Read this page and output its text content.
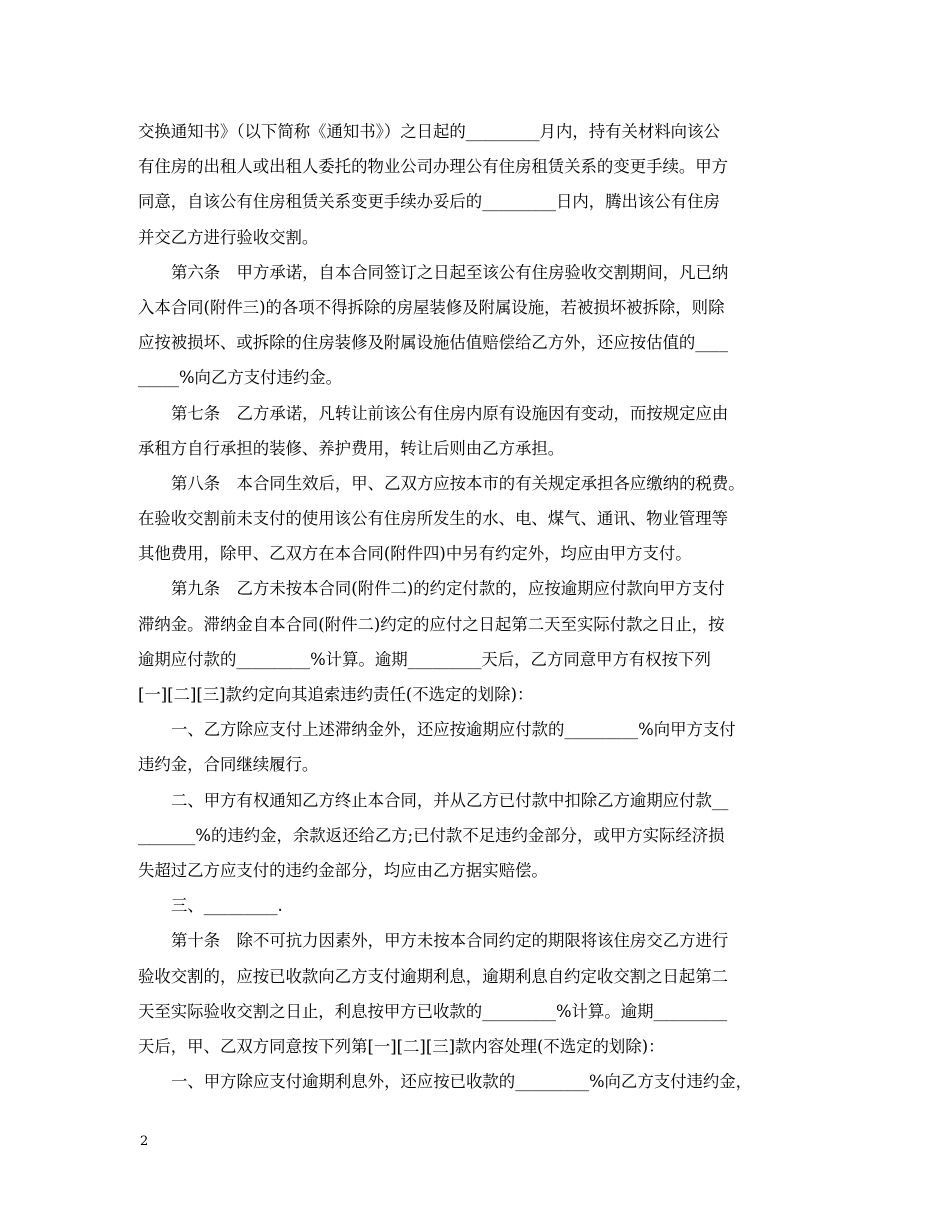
交换通知书》（以下简称《通知书》）之日起的_________月内，持有关材料向该公
有住房的出租人或出租人委托的物业公司办理公有住房租赁关系的变更手续。甲方
同意，自该公有住房租赁关系变更手续办妥后的_________日内，腾出该公有住房
并交乙方进行验收交割。
第六条　甲方承诺，自本合同签订之日起至该公有住房验收交割期间，凡已纳
入本合同(附件三)的各项不得拆除的房屋装修及附属设施，若被损坏被拆除，则除
应按被损坏、或拆除的住房装修及附属设施估值赔偿给乙方外，还应按估值的____
_____%向乙方支付违约金。
第七条　乙方承诺，凡转让前该公有住房内原有设施因有变动，而按规定应由
承租方自行承担的装修、养护费用，转让后则由乙方承担。
第八条　本合同生效后，甲、乙双方应按本市的有关规定承担各应缴纳的税费。
在验收交割前未支付的使用该公有住房所发生的水、电、煤气、通讯、物业管理等
其他费用，除甲、乙双方在本合同(附件四)中另有约定外，均应由甲方支付。
第九条　乙方未按本合同(附件二)的约定付款的，应按逾期应付款向甲方支付
滞纳金。滞纳金自本合同(附件二)约定的应付之日起第二天至实际付款之日止，按
逾期应付款的_________%计算。逾期_________天后，乙方同意甲方有权按下列
[一][二][三]款约定向其追索违约责任(不选定的划除)：
一、乙方除应支付上述滞纳金外，还应按逾期应付款的_________%向甲方支付
违约金，合同继续履行。
二、甲方有权通知乙方终止本合同，并从乙方已付款中扣除乙方逾期应付款__
_______%的违约金，余款返还给乙方;已付款不足违约金部分，或甲方实际经济损
失超过乙方应支付的违约金部分，均应由乙方据实赔偿。
三、_________.
第十条　除不可抗力因素外，甲方未按本合同约定的期限将该住房交乙方进行
验收交割的，应按已收款向乙方支付逾期利息，逾期利息自约定收交割之日起第二
天至实际验收交割之日止，利息按甲方已收款的_________%计算。逾期_________
天后，甲、乙双方同意按下列第[一][二][三]款内容处理(不选定的划除)：
一、甲方除应支付逾期利息外，还应按已收款的_________%向乙方支付违约金，
2
